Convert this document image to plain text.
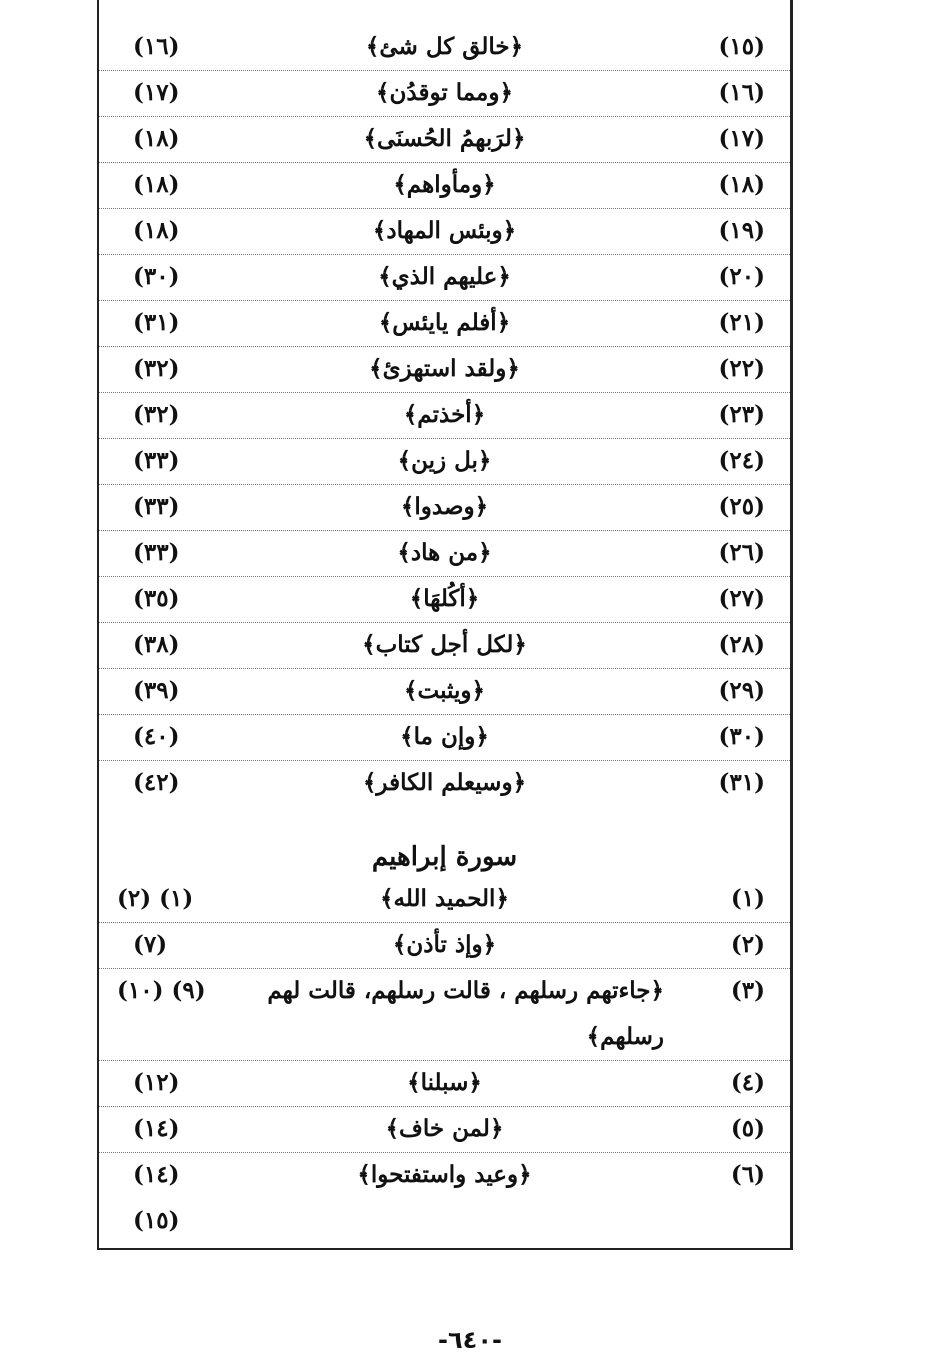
(١٥)
﴿خالق كل شئ﴾
(١٦)
(١٦)
﴿ومما توقدُن﴾
(١٧)
(١٧)
﴿لرَبهمُ الحُسنَى﴾
(١٨)
(١٨)
﴿ومأواهم﴾
(١٨)
(١٩)
﴿وبئس المهاد﴾
(١٨)
(٢٠)
﴿عليهم الذي﴾
(٣٠)
(٢١)
﴿أفلم يايئس﴾
(٣١)
(٢٢)
﴿ولقد استهزئ﴾
(٣٢)
(٢٣)
﴿أخذتم﴾
(٣٢)
(٢٤)
﴿بل زين﴾
(٣٣)
(٢٥)
﴿وصدوا﴾
(٣٣)
(٢٦)
﴿من هاد﴾
(٣٣)
(٢٧)
﴿أكُلهَا﴾
(٣٥)
(٢٨)
﴿لكل أجل كتاب﴾
(٣٨)
(٢٩)
﴿ويثبت﴾
(٣٩)
(٣٠)
﴿وإن ما﴾
(٤٠)
(٣١)
﴿وسيعلم الكافر﴾
(٤٢)
سورة إبراهيم
(١)
﴿الحميد الله﴾
(١) (٢)
(٢)
﴿وإذ تأذن﴾
(٧)
(٣)
﴿جاءتهم رسلهم ، قالت رسلهم، قالت لهم رسلهم﴾
(٩) (١٠)
(٤)
﴿سبلنا﴾
(١٢)
(٥)
﴿لمن خاف﴾
(١٤)
(٦)
﴿وعيد واستفتحوا﴾
(١٤)
(١٥)
-٦٤٠-
